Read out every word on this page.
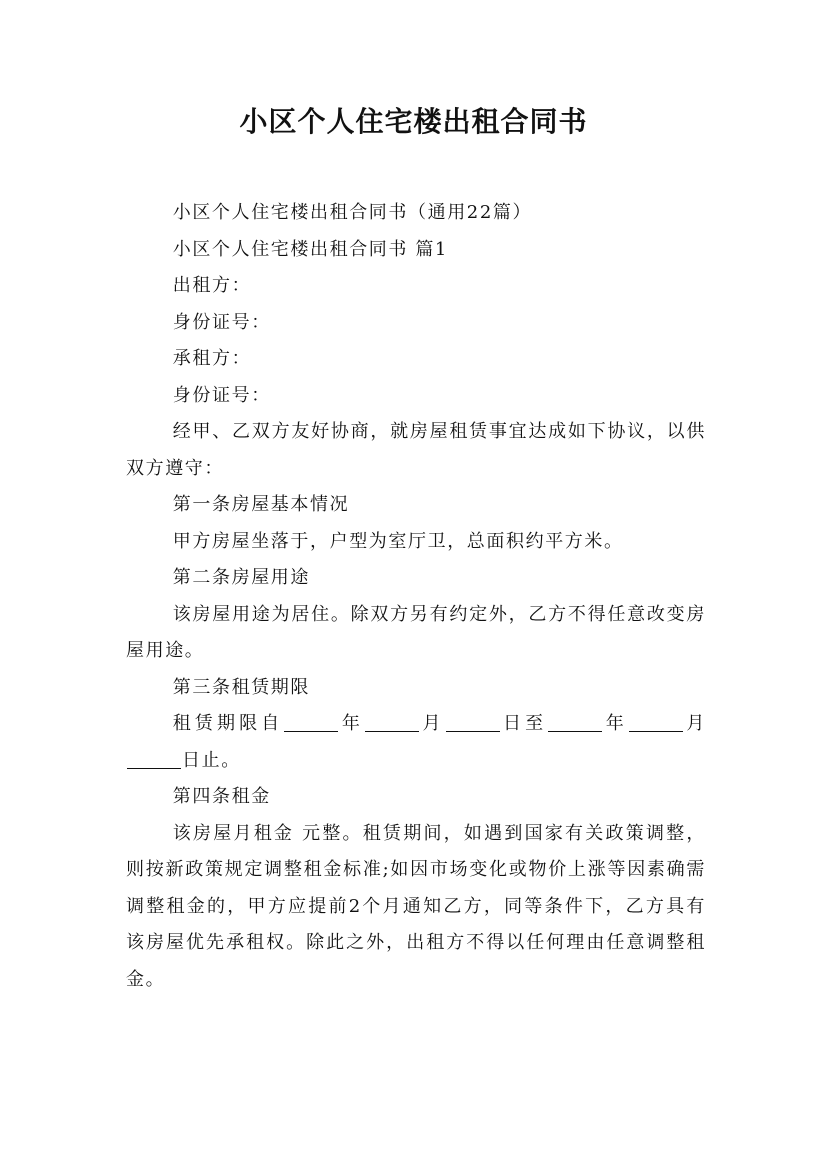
小区个人住宅楼出租合同书

小区个人住宅楼出租合同书（通用22篇）

小区个人住宅楼出租合同书 篇1

出租方：

身份证号：

承租方：

身份证号：

经甲、乙双方友好协商，就房屋租赁事宜达成如下协议，以供双方遵守：

第一条房屋基本情况

甲方房屋坐落于，户型为室厅卫，总面积约平方米。

第二条房屋用途

该房屋用途为居住。除双方另有约定外，乙方不得任意改变房屋用途。

第三条租赁期限

租赁期限自	年	月	日至	年	月日止。

第四条租金

该房屋月租金 元整。租赁期间，如遇到国家有关政策调整，则按新政策规定调整租金标准;如因市场变化或物价上涨等因素确需调整租金的，甲方应提前2个月通知乙方，同等条件下，乙方具有该房屋优先承租权。除此之外，出租方不得以任何理由任意调整租金。
